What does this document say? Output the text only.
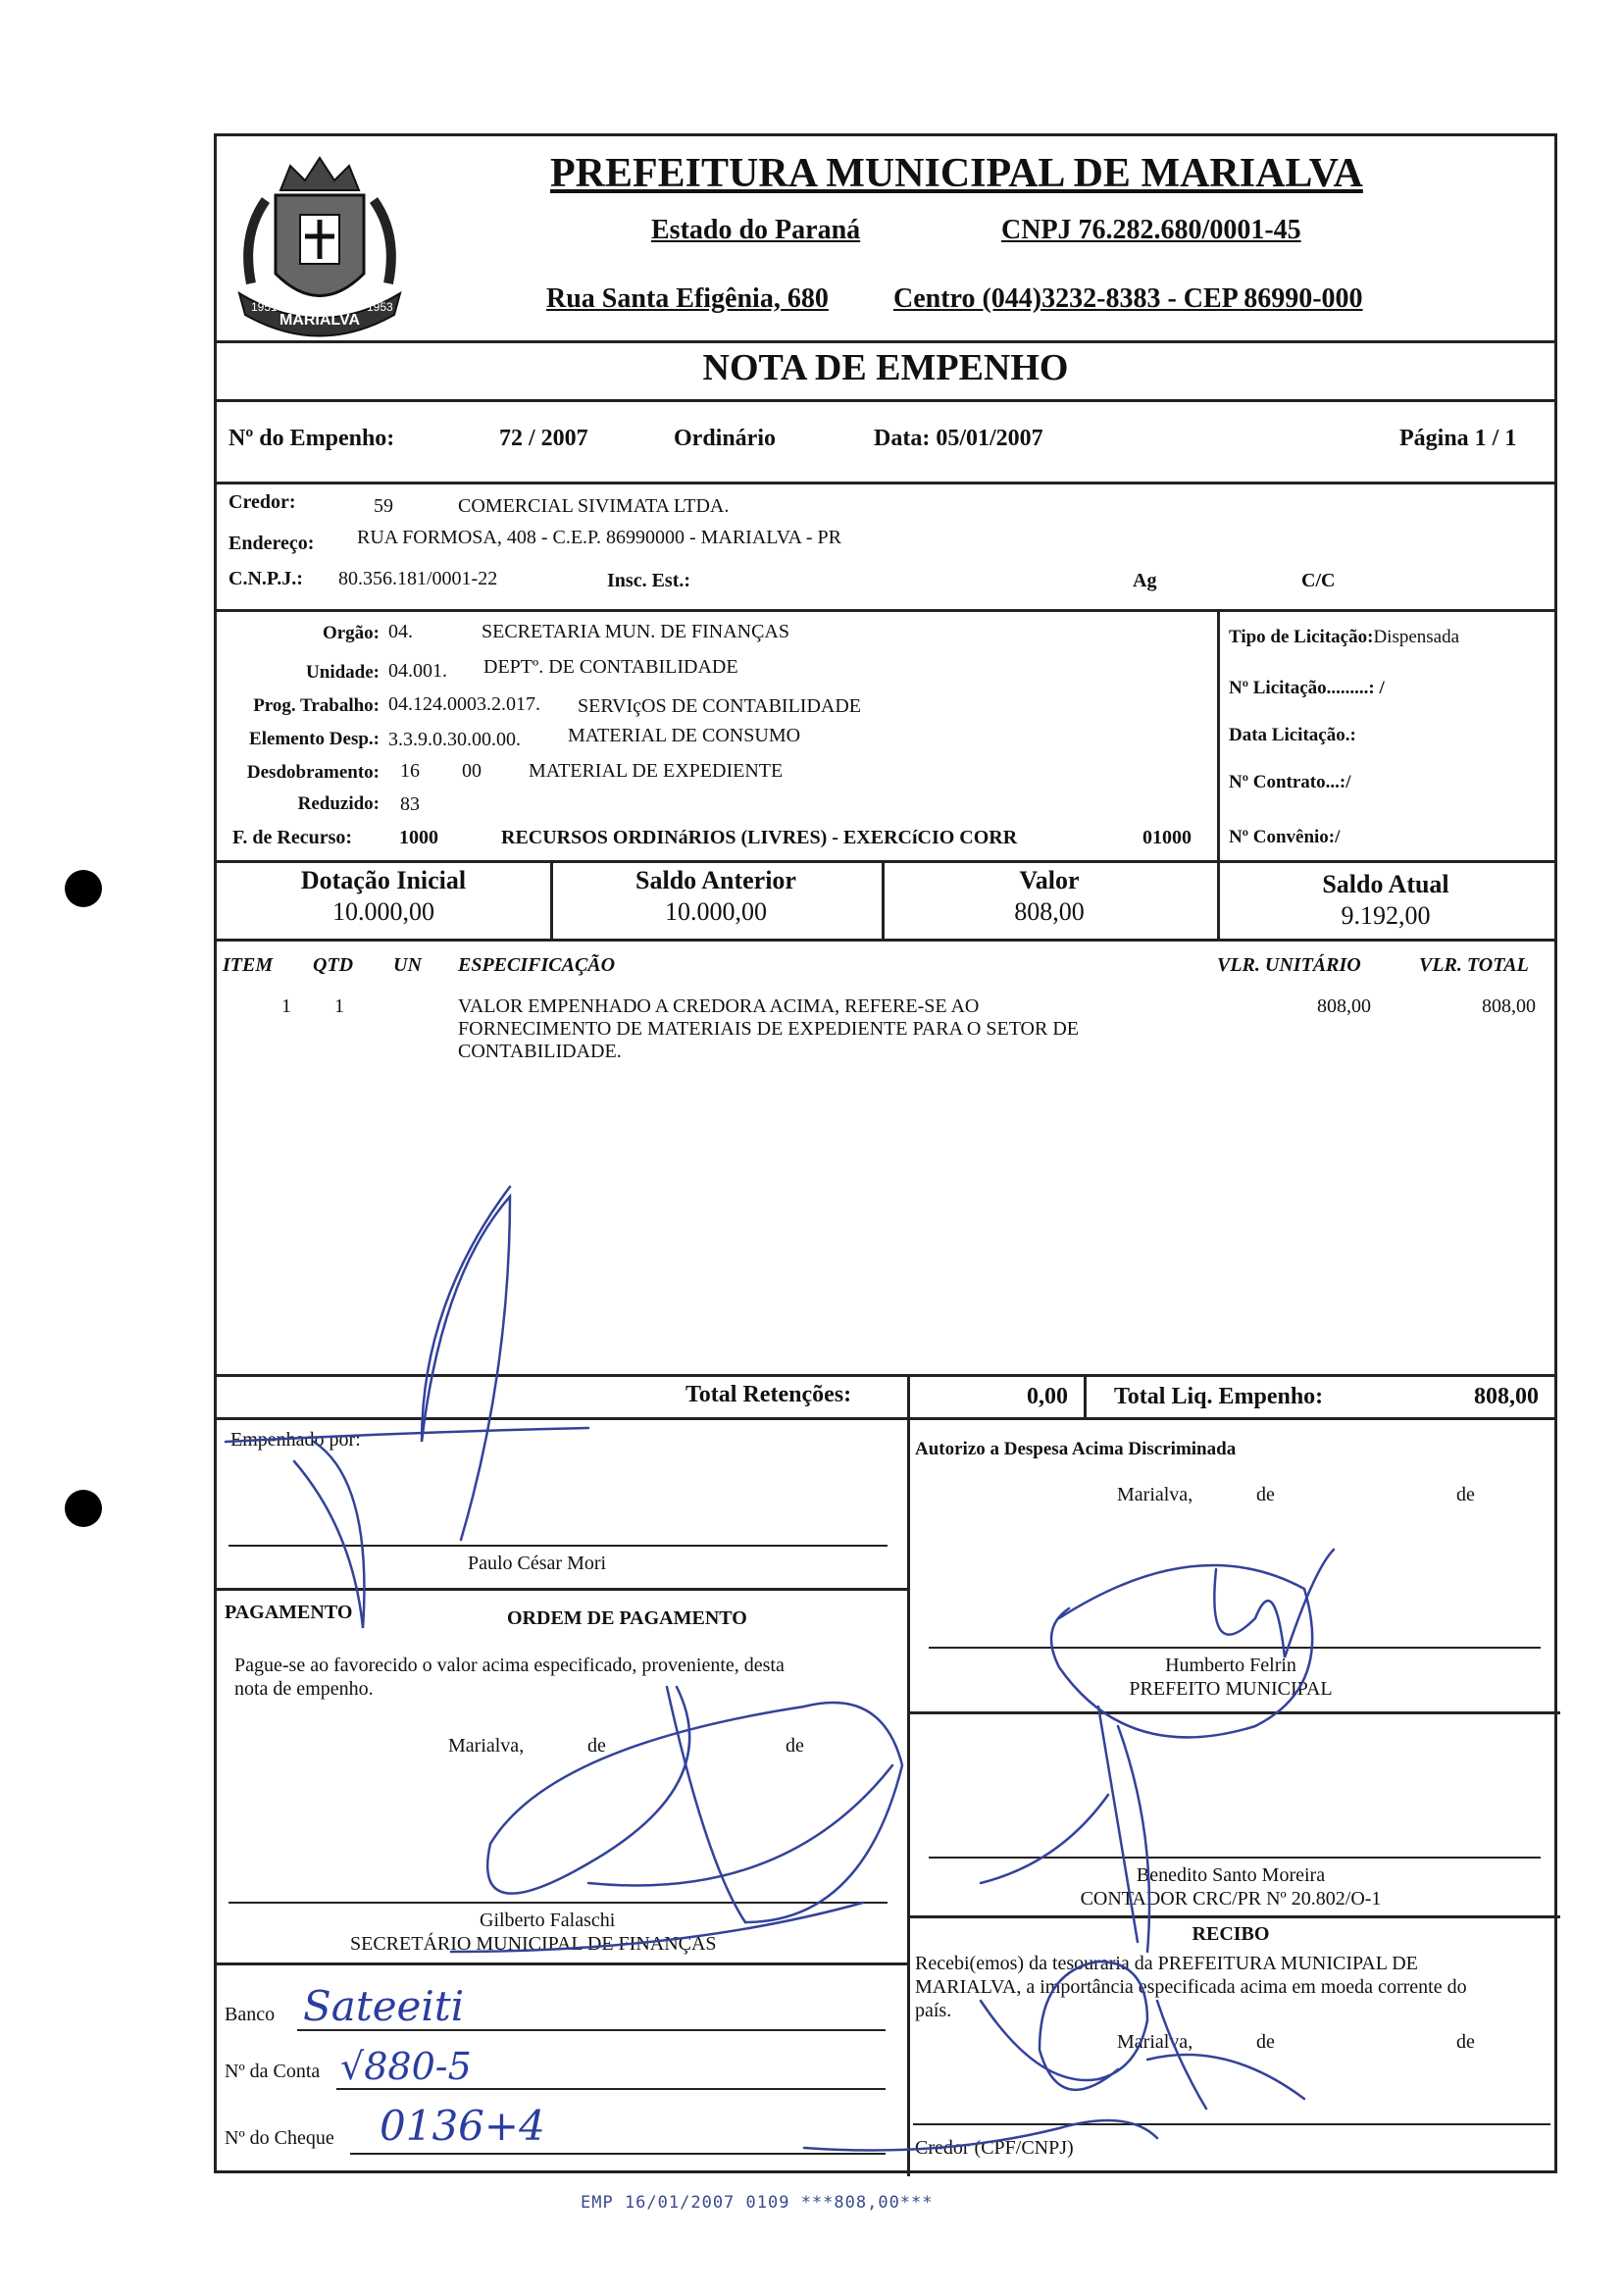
MARIALVA
1951	1953
PREFEITURA MUNICIPAL DE MARIALVA
Estado do Paraná	CNPJ 76.282.680/0001-45
Rua Santa Efigênia, 680 Centro (044)3232-8383 - CEP 86990-000
NOTA DE EMPENHO
Nº do Empenho:	72 / 2007	Ordinário	Data: 05/01/2007	Página 1 / 1
Credor:	59	COMERCIAL SIVIMATA LTDA.
Endereço: RUA FORMOSA, 408 - C.E.P. 86990000 - MARIALVA - PR
C.N.P.J.: 80.356.181/0001-22	Insc. Est.:	Ag	C/C
Orgão: 04.	SECRETARIA MUN. DE FINANÇAS
Unidade: 04.001. DEPTº. DE CONTABILIDADE
Prog. Trabalho: 04.124.0003.2.017. SERVIçOS DE CONTABILIDADE
Elemento Desp.: 3.3.9.0.30.00.00. MATERIAL DE CONSUMO
Desdobramento: 16 00 MATERIAL DE EXPEDIENTE
Reduzido: 83
F. de Recurso: 1000	RECURSOS ORDINáRIOS (LIVRES) - EXERCíCIO CORR	01000
Tipo de Licitação:Dispensada
Nº Licitação.........: /
Data Licitação.:
Nº Contrato...:/
Nº Convênio:/
Dotação Inicial
10.000,00
Saldo Anterior
10.000,00
Valor
808,00
Saldo Atual
9.192,00
ITEM QTD UN ESPECIFICAÇÃO	VLR. UNITÁRIO	VLR. TOTAL
1 1	VALOR EMPENHADO A CREDORA ACIMA, REFERE-SE AO
FORNECIMENTO DE MATERIAIS DE EXPEDIENTE PARA O SETOR DE
CONTABILIDADE.
808,00	808,00
Total Retenções:	0,00 Total Liq. Empenho:	808,00
Empenhado por:
Paulo César Mori
PAGAMENTO	ORDEM DE PAGAMENTO
Pague-se ao favorecido o valor acima especificado, proveniente, desta
nota de empenho.
Marialva,	de	de
Gilberto Falaschi
SECRETÁRIO MUNICIPAL DE FINANÇAS
Banco Sateeiti
Nº da Conta √880-5
Nº do Cheque 0136+4
Autorizo a Despesa Acima Discriminada
Marialva,	de	de
Humberto Felrin
PREFEITO MUNICIPAL
Benedito Santo Moreira
CONTADOR CRC/PR Nº 20.802/O-1
RECIBO
Recebi(emos) da tesouraria da PREFEITURA MUNICIPAL DE
MARIALVA, a importância especificada acima em moeda corrente do
país.
Marialva,	de	de
Credor (CPF/CNPJ)
EMP 16/01/2007 0109 ***808,00***
